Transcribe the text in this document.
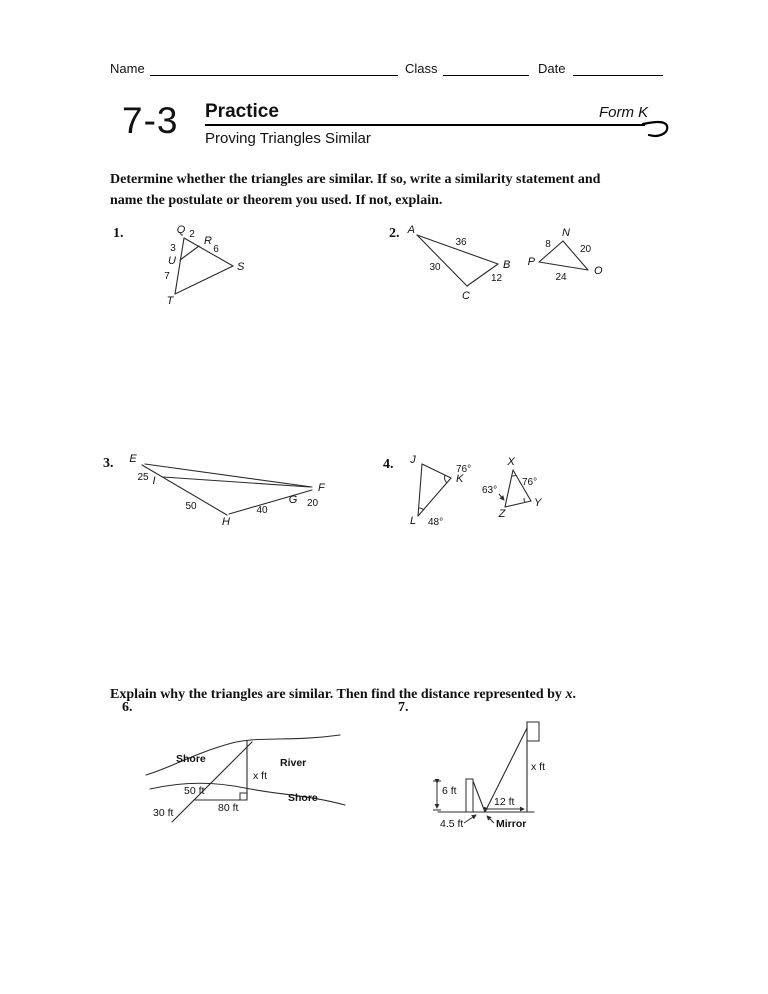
Name	Class	Date
7-3 Practice	Form K
Proving Triangles Similar
Determine whether the triangles are similar. If so, write a similarity statement and
name the postulate or theorem you used. If not, explain.
1.	2.
3.	4.
Q 2
R
6
S
3
U
7
T
A
36
B
30
C
12
P
8
N
20
O
24
E
25 I
50
H
40
G 20
F
J
76°
K
L 48°
X
76°
63°
Y
Z
Explain why the triangles are similar. Then find the distance represented by x.
6.	7.
Shore	River
x ft
50 ft
Shore
80 ft
30 ft
6 ft
x ft
12 ft
4.5 ft	Mirror
